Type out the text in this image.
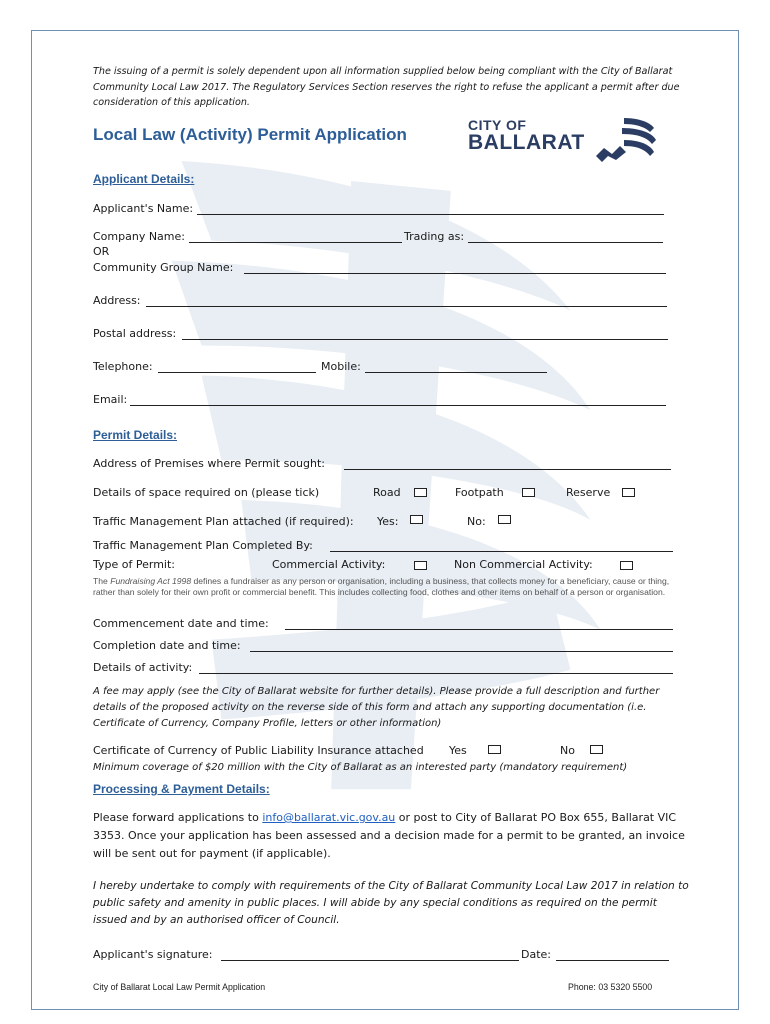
The issuing of a permit is solely dependent upon all information supplied below being compliant with the City of Ballarat Community Local Law 2017. The Regulatory Services Section reserves the right to refuse the applicant a permit after due consideration of this application.
Local Law (Activity) Permit Application	CITY OF
BALLARAT
Applicant Details:
Applicant's Name:
Company Name:	Trading as:
OR
Community Group Name:
Address:
Postal address:
Telephone:	Mobile:
Email:
Permit Details:
Address of Premises where Permit sought:
Details of space required on (please tick)	Road	Footpath	Reserve
Traffic Management Plan attached (if required): Yes:	No:
Traffic Management Plan Completed By:
Type of Permit:	Commercial Activity:	Non Commercial Activity:
The Fundraising Act 1998 defines a fundraiser as any person or organisation, including a business, that collects money for a beneficiary, cause or thing, rather than solely for their own profit or commercial benefit. This includes collecting food, clothes and other items on behalf of a person or organisation.
Commencement date and time:
Completion date and time:
Details of activity:
A fee may apply (see the City of Ballarat website for further details). Please provide a full description and further details of the proposed activity on the reverse side of this form and attach any supporting documentation (i.e. Certificate of Currency, Company Profile, letters or other information)
Certificate of Currency of Public Liability Insurance attached Yes	No
Minimum coverage of $20 million with the City of Ballarat as an interested party (mandatory requirement)
Processing & Payment Details:
Please forward applications to info@ballarat.vic.gov.au or post to City of Ballarat PO Box 655, Ballarat VIC 3353. Once your application has been assessed and a decision made for a permit to be granted, an invoice will be sent out for payment (if applicable).
I hereby undertake to comply with requirements of the City of Ballarat Community Local Law 2017 in relation to public safety and amenity in public places. I will abide by any special conditions as required on the permit issued and by an authorised officer of Council.
Applicant's signature:	Date:
City of Ballarat Local Law Permit Application	Phone: 03 5320 5500
